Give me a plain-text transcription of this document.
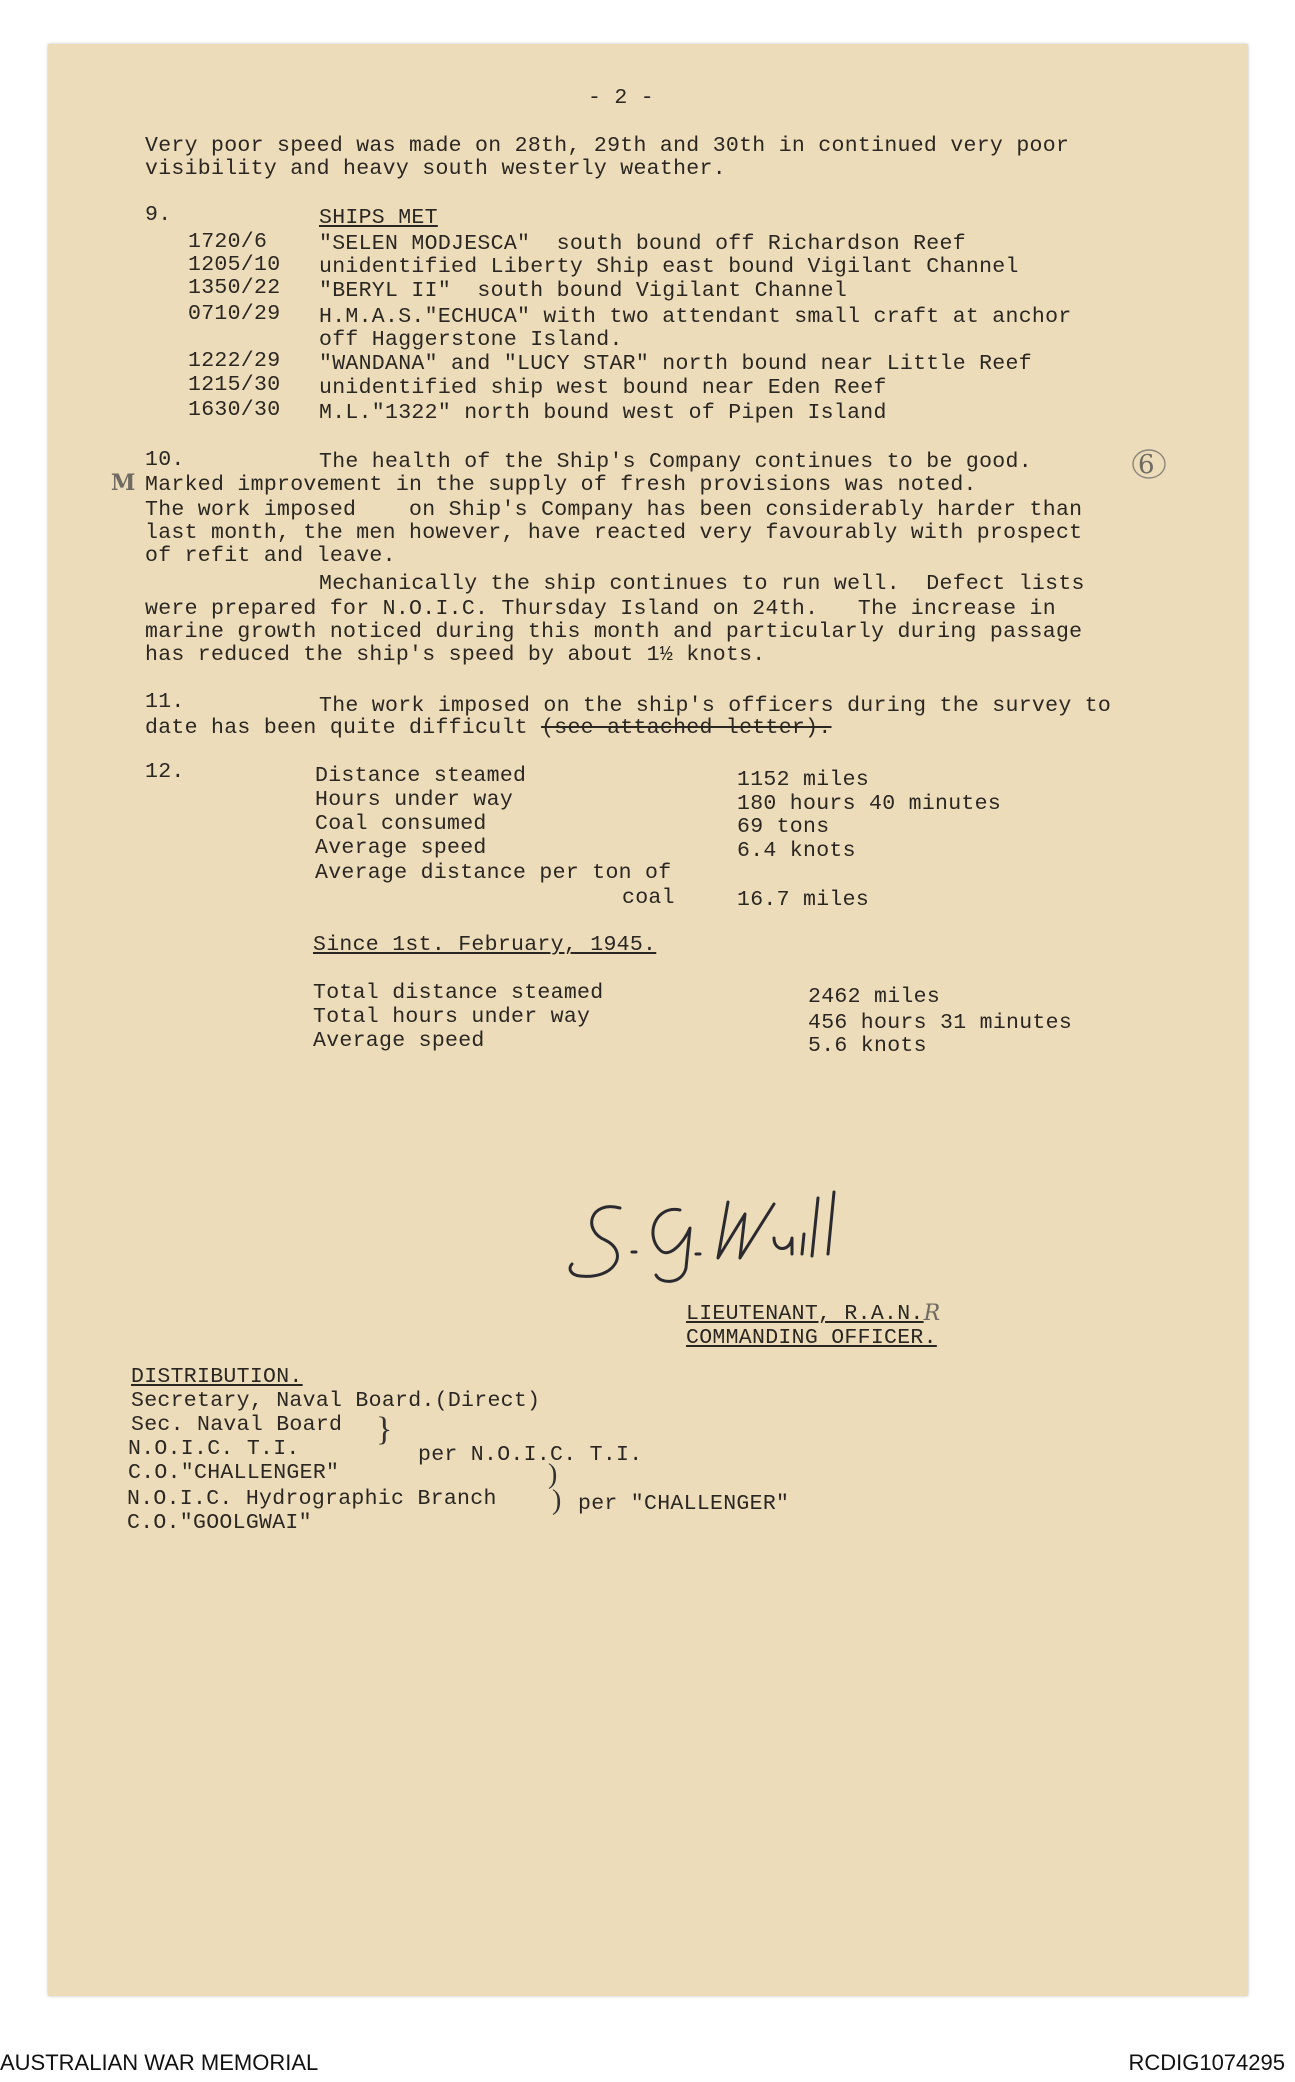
- 2 -
Very poor speed was made on 28th, 29th and 30th in continued very poor
visibility and heavy south westerly weather.
9.	SHIPS MET
1720/6 "SELEN MODJESCA"  south bound off Richardson Reef
1205/10 unidentified Liberty Ship east bound Vigilant Channel
1350/22 "BERYL II"  south bound Vigilant Channel
0710/29 H.M.A.S."ECHUCA" with two attendant small craft at anchor
off Haggerstone Island.
1222/29 "WANDANA" and "LUCY STAR" north bound near Little Reef
1215/30 unidentified ship west bound near Eden Reef
1630/30 M.L."1322" north bound west of Pipen Island
10.	The health of the Ship's Company continues to be good.	6
M Marked improvement in the supply of fresh provisions was noted.
The work imposed    on Ship's Company has been considerably harder than
last month, the men however, have reacted very favourably with prospect
of refit and leave.
Mechanically the ship continues to run well.  Defect lists
were prepared for N.O.I.C. Thursday Island on 24th.   The increase in
marine growth noticed during this month and particularly during passage
has reduced the ship's speed by about 1½ knots.
11.	The work imposed on the ship's officers during the survey to
date has been quite difficult (see attached letter).
12.	Distance steamed	1152 miles
Hours under way	180 hours 40 minutes
Coal consumed	69 tons
Average speed	6.4 knots
Average distance per ton of
coal	16.7 miles
Since 1st. February, 1945.
Total distance steamed	2462 miles
Total hours under way	456 hours 31 minutes
Average speed	5.6 knots
LIEUTENANT, R.A.N. R
COMMANDING OFFICER.
DISTRIBUTION.
Secretary, Naval Board.(Direct)
Sec. Naval Board
N.O.I.C. T.I.
C.O."CHALLENGER"
N.O.I.C. Hydrographic Branch
C.O."GOOLGWAI"
}
)
)
per N.O.I.C. T.I.
per "CHALLENGER"
AUSTRALIAN WAR MEMORIAL	RCDIG1074295
